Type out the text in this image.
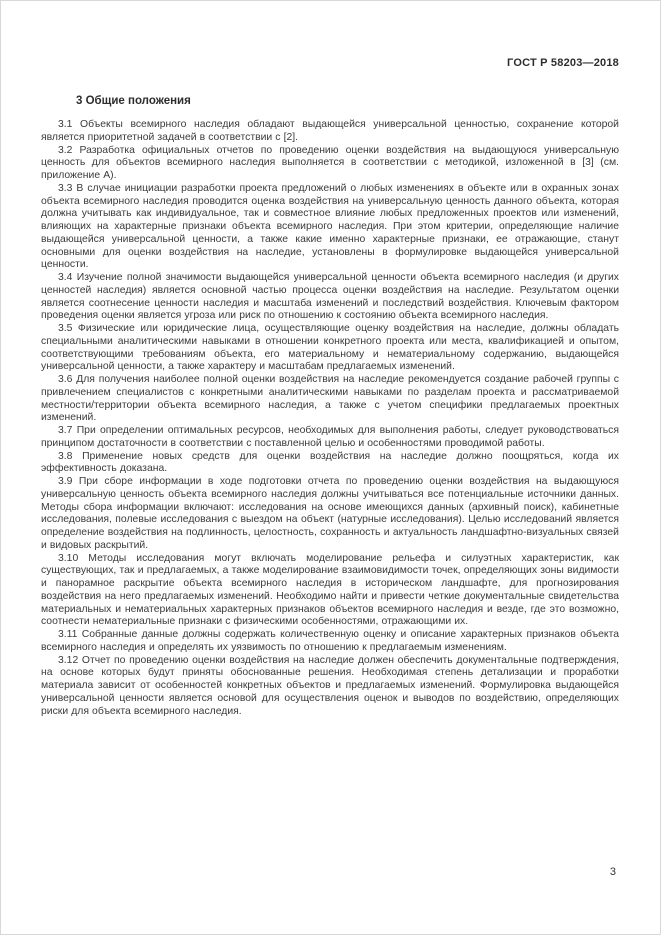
ГОСТ Р 58203—2018
3 Общие положения

3.1 Объекты всемирного наследия обладают выдающейся универсальной ценностью, сохранение которой является приоритетной задачей в соответствии с [2].

3.2 Разработка официальных отчетов по проведению оценки воздействия на выдающуюся универсальную ценность для объектов всемирного наследия выполняется в соответствии с методикой, изложенной в [3] (см. приложение А).

3.3 В случае инициации разработки проекта предложений о любых изменениях в объекте или в охранных зонах объекта всемирного наследия проводится оценка воздействия на универсальную ценность данного объекта, которая должна учитывать как индивидуальное, так и совместное влияние любых предложенных проектов или изменений, влияющих на характерные признаки объекта всемирного наследия. При этом критерии, определяющие наличие выдающейся универсальной ценности, а также какие именно характерные признаки, ее отражающие, станут основными для оценки воздействия на наследие, установлены в формулировке выдающейся универсальной ценности.

3.4 Изучение полной значимости выдающейся универсальной ценности объекта всемирного наследия (и других ценностей наследия) является основной частью процесса оценки воздействия на наследие. Результатом оценки является соотнесение ценности наследия и масштаба изменений и последствий воздействия. Ключевым фактором проведения оценки является угроза или риск по отношению к состоянию объекта всемирного наследия.

3.5 Физические или юридические лица, осуществляющие оценку воздействия на наследие, должны обладать специальными аналитическими навыками в отношении конкретного проекта или места, квалификацией и опытом, соответствующими требованиям объекта, его материальному и нематериальному содержанию, выдающейся универсальной ценности, а также характеру и масштабам предлагаемых изменений.

3.6 Для получения наиболее полной оценки воздействия на наследие рекомендуется создание рабочей группы с привлечением специалистов с конкретными аналитическими навыками по разделам проекта и рассматриваемой местности/территории объекта всемирного наследия, а также с учетом специфики предлагаемых проектных изменений.

3.7 При определении оптимальных ресурсов, необходимых для выполнения работы, следует руководствоваться принципом достаточности в соответствии с поставленной целью и особенностями проводимой работы.

3.8 Применение новых средств для оценки воздействия на наследие должно поощряться, когда их эффективность доказана.

3.9 При сборе информации в ходе подготовки отчета по проведению оценки воздействия на выдающуюся универсальную ценность объекта всемирного наследия должны учитываться все потенциальные источники данных. Методы сбора информации включают: исследования на основе имеющихся данных (архивный поиск), кабинетные исследования, полевые исследования с выездом на объект (натурные исследования). Целью исследований является определение воздействия на подлинность, целостность, сохранность и актуальность ландшафтно-визуальных связей и видовых раскрытий.

3.10 Методы исследования могут включать моделирование рельефа и силуэтных характеристик, как существующих, так и предлагаемых, а также моделирование взаимовидимости точек, определяющих зоны видимости и панорамное раскрытие объекта всемирного наследия в историческом ландшафте, для прогнозирования воздействия на него предлагаемых изменений. Необходимо найти и привести четкие документальные свидетельства материальных и нематериальных характерных признаков объектов всемирного наследия и везде, где это возможно, соотнести нематериальные признаки с физическими особенностями, отражающими их.

3.11 Собранные данные должны содержать количественную оценку и описание характерных признаков объекта всемирного наследия и определять их уязвимость по отношению к предлагаемым изменениям.

3.12 Отчет по проведению оценки воздействия на наследие должен обеспечить документальные подтверждения, на основе которых будут приняты обоснованные решения. Необходимая степень детализации и проработки материала зависит от особенностей конкретных объектов и предлагаемых изменений. Формулировка выдающейся универсальной ценности является основой для осуществления оценок и выводов по воздействию, определяющих риски для объекта всемирного наследия.

3
